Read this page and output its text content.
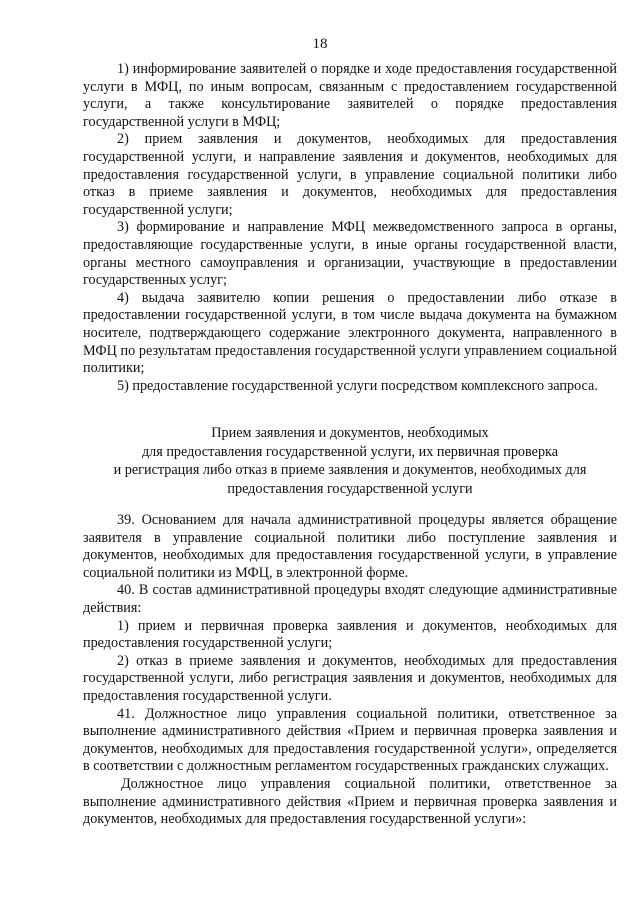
18

1) информирование заявителей о порядке и ходе предоставления государственной услуги в МФЦ, по иным вопросам, связанным с предоставлением государственной услуги, а также консультирование заявителей о порядке предоставления государственной услуги в МФЦ;

2) прием заявления и документов, необходимых для предоставления государственной услуги, и направление заявления и документов, необходимых для предоставления государственной услуги, в управление социальной политики либо отказ в приеме заявления и документов, необходимых для предоставления государственной услуги;

3) формирование и направление МФЦ межведомственного запроса в органы, предоставляющие государственные услуги, в иные органы государственной власти, органы местного самоуправления и организации, участвующие в предоставлении государственных услуг;

4) выдача заявителю копии решения о предоставлении либо отказе в предоставлении государственной услуги, в том числе выдача документа на бумажном носителе, подтверждающего содержание электронного документа, направленного в МФЦ по результатам предоставления государственной услуги управлением социальной политики;

5) предоставление государственной услуги посредством комплексного запроса.

Прием заявления и документов, необходимых
для предоставления государственной услуги, их первичная проверка
и регистрация либо отказ в приеме заявления и документов, необходимых для
предоставления государственной услуги

39. Основанием для начала административной процедуры является обращение заявителя в управление социальной политики либо поступление заявления и документов, необходимых для предоставления государственной услуги, в управление социальной политики из МФЦ, в электронной форме.

40. В состав административной процедуры входят следующие административные действия:

1) прием и первичная проверка заявления и документов, необходимых для предоставления государственной услуги;

2) отказ в приеме заявления и документов, необходимых для предоставления государственной услуги, либо регистрация заявления и документов, необходимых для предоставления государственной услуги.

41. Должностное лицо управления социальной политики, ответственное за выполнение административного действия «Прием и первичная проверка заявления и документов, необходимых для предоставления государственной услуги», определяется в соответствии с должностным регламентом государственных гражданских служащих.

Должностное лицо управления социальной политики, ответственное за выполнение административного действия «Прием и первичная проверка заявления и документов, необходимых для предоставления государственной услуги»:
